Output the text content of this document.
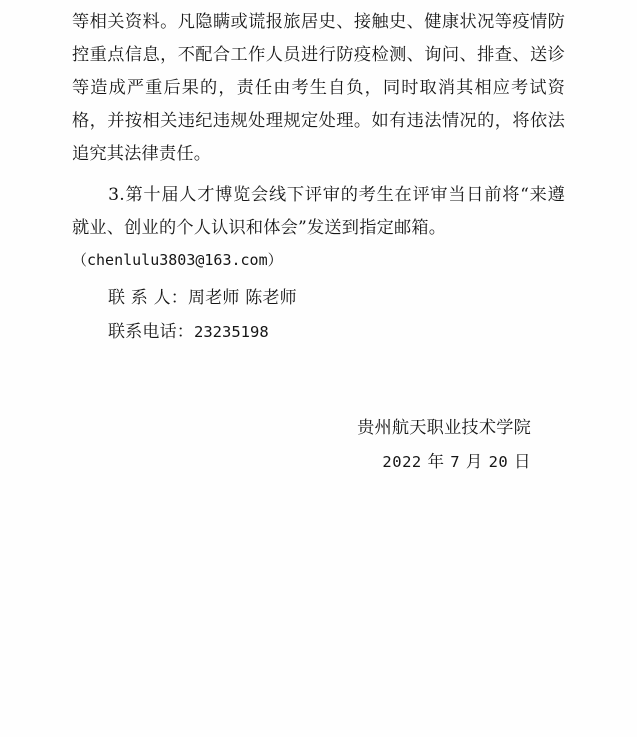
等相关资料。凡隐瞒或谎报旅居史、接触史、健康状况等疫情防控重点信息，不配合工作人员进行防疫检测、询问、排查、送诊等造成严重后果的，责任由考生自负，同时取消其相应考试资格，并按相关违纪违规处理规定处理。如有违法情况的，将依法追究其法律责任。

3.第十届人才博览会线下评审的考生在评审当日前将“来遵就业、创业的个人认识和体会”发送到指定邮箱。

（chenlulu3803@163.com）

联 系 人：周老师 陈老师

联系电话：23235198

贵州航天职业技术学院

2022 年 7 月 20 日
